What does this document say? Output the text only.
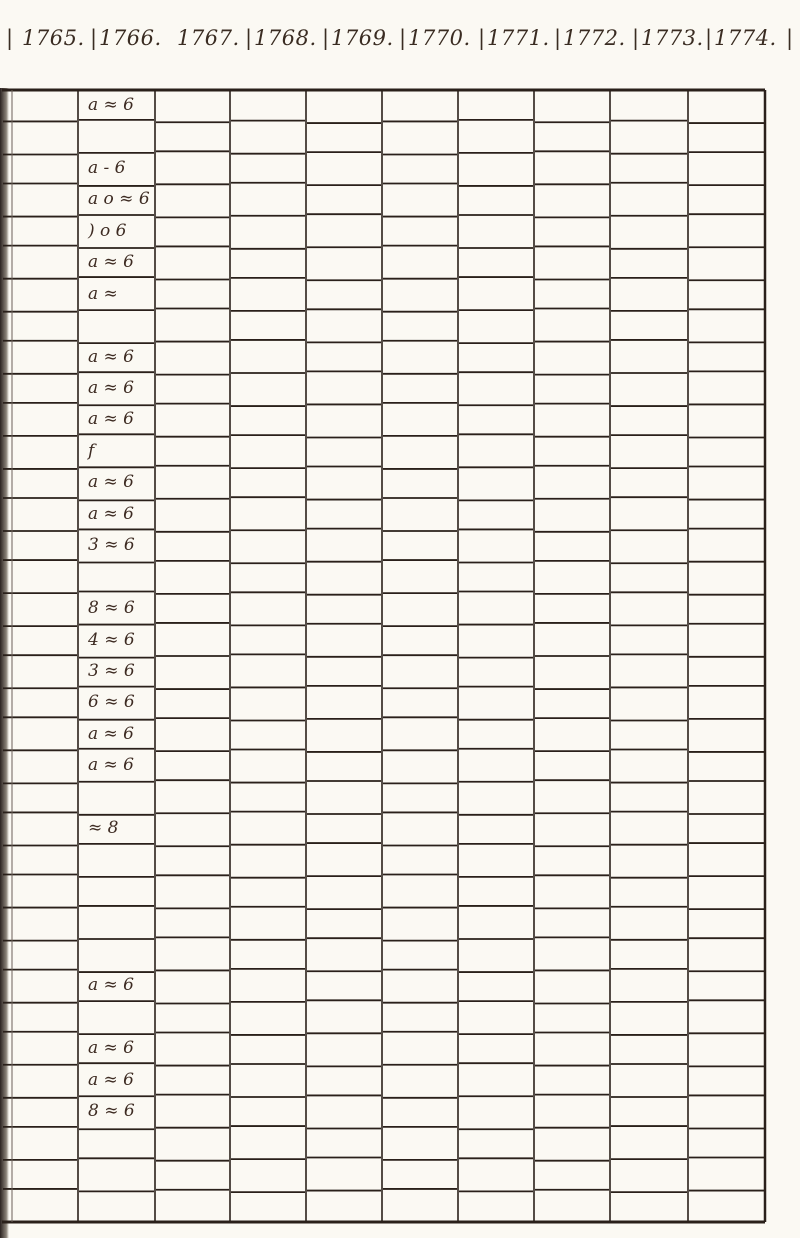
| 1765. | 1766. 1767. | 1768. | 1769. | 1770. | 1771. | 1772. | 1773. | 1774. |
a ≈ 6
a - 6
a o ≈ 6
) o 6
a ≈ 6
a ≈
a ≈ 6
a ≈ 6
a ≈ 6
f
a ≈ 6
a ≈ 6
3 ≈ 6
8 ≈ 6
4 ≈ 6
3 ≈ 6
6 ≈ 6
a ≈ 6
a ≈ 6
≈ 8
a ≈ 6
a ≈ 6
a ≈ 6
8 ≈ 6
